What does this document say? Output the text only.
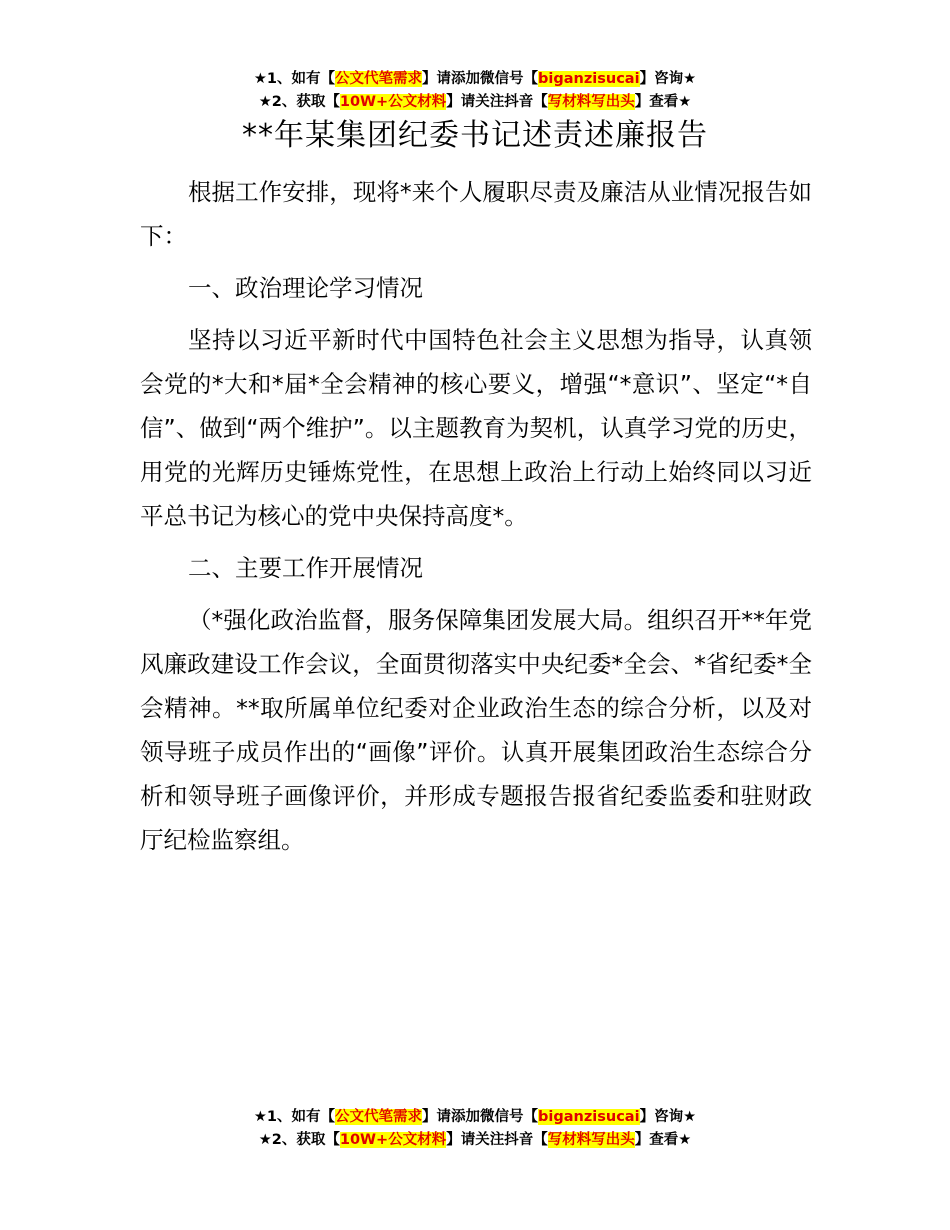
★1、如有【公文代笔需求】请添加微信号【biganzisucai】咨询★
★2、获取【10W+公文材料】请关注抖音【写材料写出头】查看★
**年某集团纪委书记述责述廉报告

根据工作安排，现将*来个人履职尽责及廉洁从业情况报告如下：

一、政治理论学习情况

坚持以习近平新时代中国特色社会主义思想为指导，认真领会党的*大和*届*全会精神的核心要义，增强“*意识”、坚定“*自信”、做到“两个维护”。以主题教育为契机，认真学习党的历史，用党的光辉历史锤炼党性，在思想上政治上行动上始终同以习近平总书记为核心的党中央保持高度*。

二、主要工作开展情况

（*强化政治监督，服务保障集团发展大局。组织召开**年党风廉政建设工作会议，全面贯彻落实中央纪委*全会、*省纪委*全会精神。**取所属单位纪委对企业政治生态的综合分析，以及对领导班子成员作出的“画像”评价。认真开展集团政治生态综合分析和领导班子画像评价，并形成专题报告报省纪委监委和驻财政厅纪检监察组。

★1、如有【公文代笔需求】请添加微信号【biganzisucai】咨询★
★2、获取【10W+公文材料】请关注抖音【写材料写出头】查看★
